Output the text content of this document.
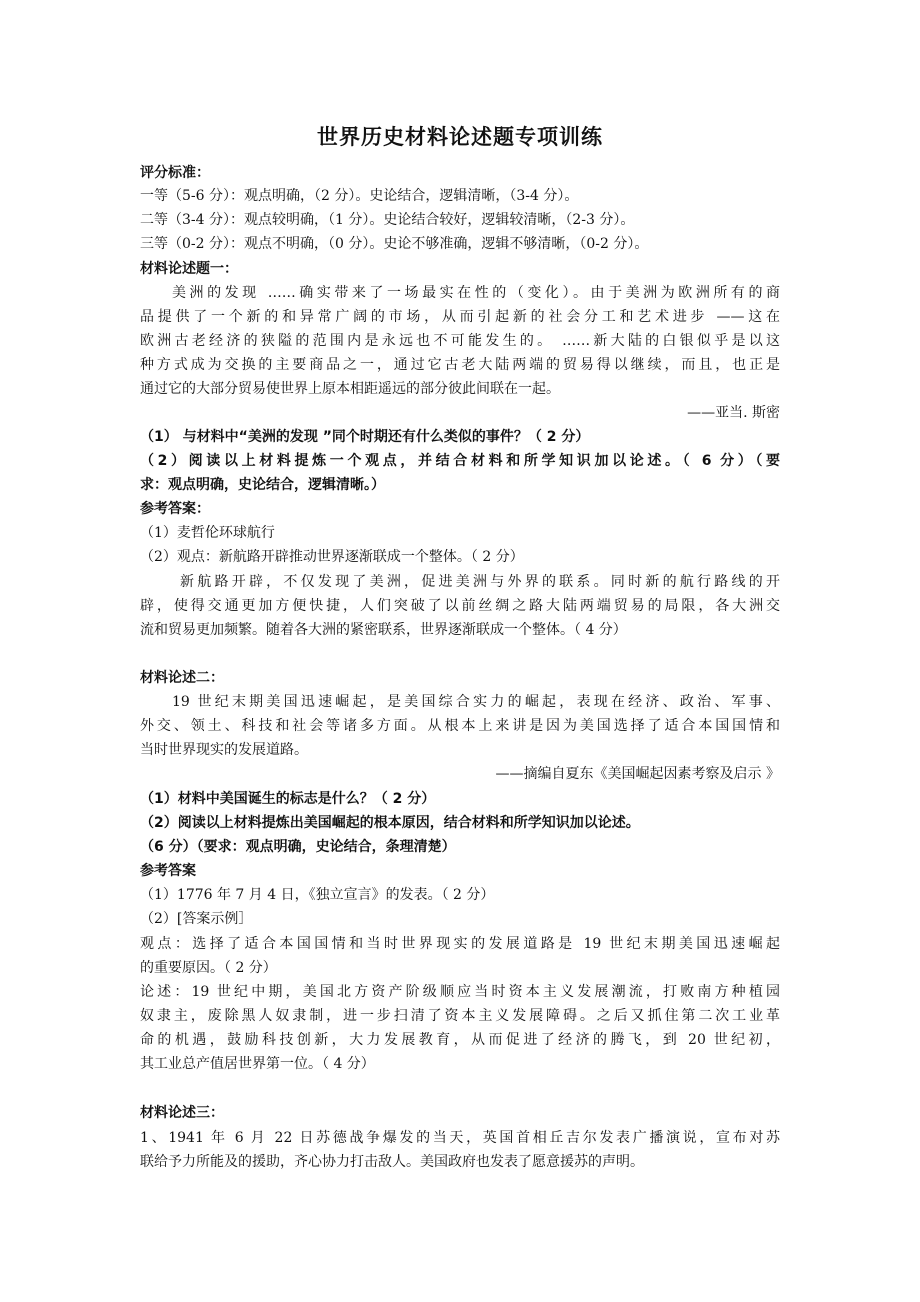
世界历史材料论述题专项训练
评分标准：
一等（5-6 分）：观点明确，（2 分）。史论结合，逻辑清晰，（3-4 分）。
二等（3-4 分）：观点较明确，（1 分）。史论结合较好，逻辑较清晰，（2-3 分）。
三等（0-2 分）：观点不明确，（0 分）。史论不够准确，逻辑不够清晰，（0-2 分）。
材料论述题一：
美洲的发现 ……确实带来了一场最实在性的（变化）。由于美洲为欧洲所有的商
品提供了一个新的和异常广阔的市场，从而引起新的社会分工和艺术进步 ——这在
欧洲古老经济的狭隘的范围内是永远也不可能发生的。 ……新大陆的白银似乎是以这
种方式成为交换的主要商品之一，通过它古老大陆两端的贸易得以继续，而且，也正是
通过它的大部分贸易使世界上原本相距遥远的部分彼此间联在一起。
——亚当. 斯密
（1） 与材料中“美洲的发现 ”同个时期还有什么类似的事件？（ 2 分）
（2）阅读以上材料提炼一个观点，并结合材料和所学知识加以论述。（ 6 分）（要
求：观点明确，史论结合，逻辑清晰。）
参考答案：
（1）麦哲伦环球航行
（2）观点：新航路开辟推动世界逐渐联成一个整体。（ 2 分）
新航路开辟，不仅发现了美洲，促进美洲与外界的联系。同时新的航行路线的开
辟，使得交通更加方便快捷，人们突破了以前丝绸之路大陆两端贸易的局限，各大洲交
流和贸易更加频繁。随着各大洲的紧密联系，世界逐渐联成一个整体。（ 4 分）
材料论述二：
19 世纪末期美国迅速崛起，是美国综合实力的崛起，表现在经济、政治、军事、
外交、领土、科技和社会等诸多方面。从根本上来讲是因为美国选择了适合本国国情和
当时世界现实的发展道路。
——摘编自夏东《美国崛起因素考察及启示 》
（1）材料中美国诞生的标志是什么？（ 2 分）
（2）阅读以上材料提炼出美国崛起的根本原因，结合材料和所学知识加以论述。
（6 分）（要求：观点明确，史论结合，条理清楚）
参考答案
（1）1776 年 7 月 4 日，《独立宣言》的发表。（ 2 分）
（2）[答案示例］
观点：选择了适合本国国情和当时世界现实的发展道路是 19 世纪末期美国迅速崛起
的重要原因。（ 2 分）
论述：19 世纪中期，美国北方资产阶级顺应当时资本主义发展潮流，打败南方种植园
奴隶主，废除黑人奴隶制，进一步扫清了资本主义发展障碍。之后又抓住第二次工业革
命的机遇，鼓励科技创新，大力发展教育，从而促进了经济的腾飞，到 20 世纪初，
其工业总产值居世界第一位。（ 4 分）
材料论述三：
1、1941 年 6 月 22 日苏德战争爆发的当天，英国首相丘吉尔发表广播演说，宣布对苏
联给予力所能及的援助，齐心协力打击敌人。美国政府也发表了愿意援苏的声明。
